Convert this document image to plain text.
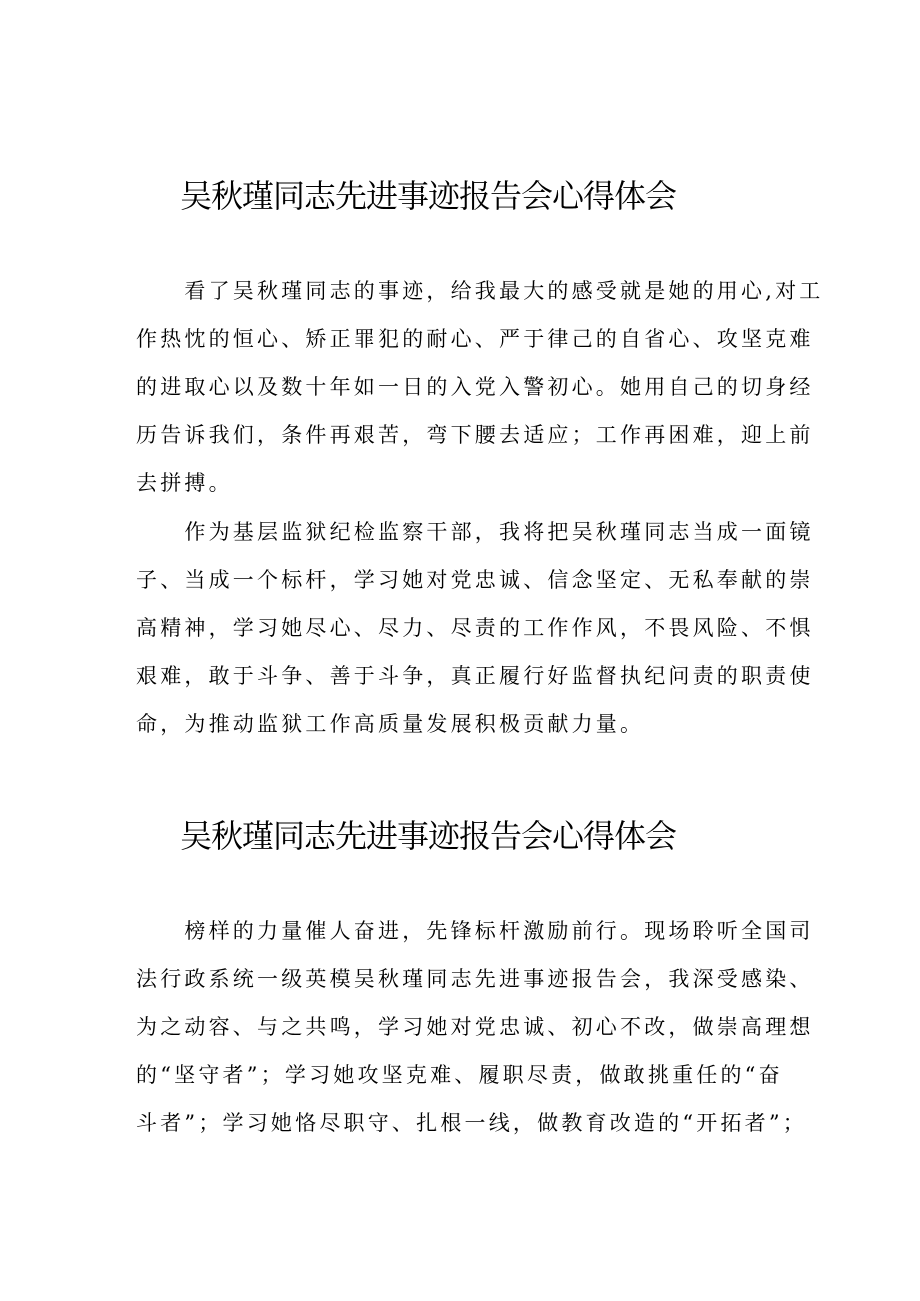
吴秋瑾同志先进事迹报告会心得体会
　　看了吴秋瑾同志的事迹，给我最大的感受就是她的用心,对工
作热忱的恒心、矫正罪犯的耐心、严于律己的自省心、攻坚克难
的进取心以及数十年如一日的入党入警初心。她用自己的切身经
历告诉我们，条件再艰苦，弯下腰去适应；工作再困难，迎上前
去拼搏。
　　作为基层监狱纪检监察干部，我将把吴秋瑾同志当成一面镜
子、当成一个标杆，学习她对党忠诚、信念坚定、无私奉献的崇
高精神，学习她尽心、尽力、尽责的工作作风，不畏风险、不惧
艰难，敢于斗争、善于斗争，真正履行好监督执纪问责的职责使
命，为推动监狱工作高质量发展积极贡献力量。
吴秋瑾同志先进事迹报告会心得体会
　　榜样的力量催人奋进，先锋标杆激励前行。现场聆听全国司
法行政系统一级英模吴秋瑾同志先进事迹报告会，我深受感染、
为之动容、与之共鸣，学习她对党忠诚、初心不改，做崇高理想
的“坚守者”；学习她攻坚克难、履职尽责，做敢挑重任的“奋
斗者”；学习她恪尽职守、扎根一线，做教育改造的“开拓者”；
